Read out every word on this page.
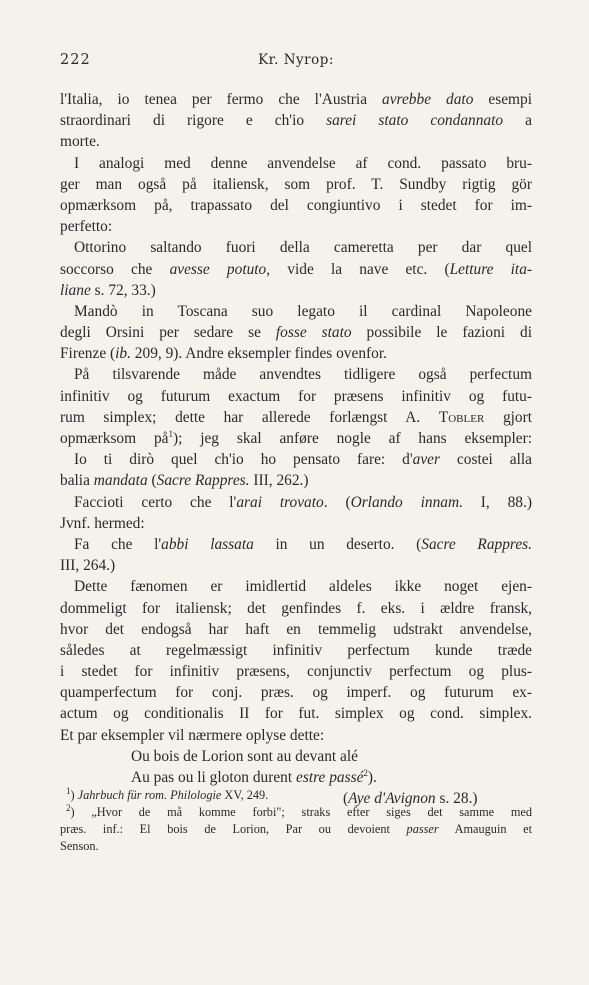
222	Kr. Nyrop:
l'Italia, io tenea per fermo che l'Austria avrebbe dato esempi
straordinari di rigore e ch'io sarei stato condannato a
morte.
I analogi med denne anvendelse af cond. passato bru-
ger man også på italiensk, som prof. T. Sundby rigtig gör
opmærksom på, trapassato del congiuntivo i stedet for im-
perfetto:
Ottorino saltando fuori della cameretta per dar quel
soccorso che avesse potuto, vide la nave etc. (Letture ita-
liane s. 72, 33.)
Mandò in Toscana suo legato il cardinal Napoleone
degli Orsini per sedare se fosse stato possibile le fazioni di
Firenze (ib. 209, 9). Andre eksempler findes ovenfor.
På tilsvarende måde anvendtes tidligere også perfectum
infinitiv og futurum exactum for præsens infinitiv og futu-
rum simplex; dette har allerede forlængst A. Tobler gjort
opmærksom $på^1$); jeg skal anføre nogle af hans eksempler:
Io ti dirò quel ch'io ho pensato fare: d'aver costei alla
balia mandata (Sacre Rappres. III, 262.)
Faccioti certo che l'arai trovato. (Orlando innam. I, 88.)
Jvnf. hermed:
Fa che l'abbi lassata in un deserto. (Sacre Rappres.
III, 264.)
Dette fænomen er imidlertid aldeles ikke noget ejen-
dommeligt for italiensk; det genfindes f. eks. i ældre fransk,
hvor det endogså har haft en temmelig udstrakt anvendelse,
således at regelmæssigt infinitiv perfectum kunde træde
i stedet for infinitiv præsens, conjunctiv perfectum og plus-
quamperfectum for conj. præs. og imperf. og futurum ex-
actum og conditionalis II for fut. simplex og cond. simplex.
Et par eksempler vil nærmere oplyse dette:
Ou bois de Lorion sont au devant alé
Au pas ou li gloton durent estre passé$^2$).
(Aye d'Avignon s. 28.)
$^1$) Jahrbuch für rom. Philologie XV, 249.
$^2$) „Hvor de må komme forbi"; straks efter siges det samme med
præs. inf.: El bois de Lorion, Par ou devoient passer Amauguin et
Senson.
